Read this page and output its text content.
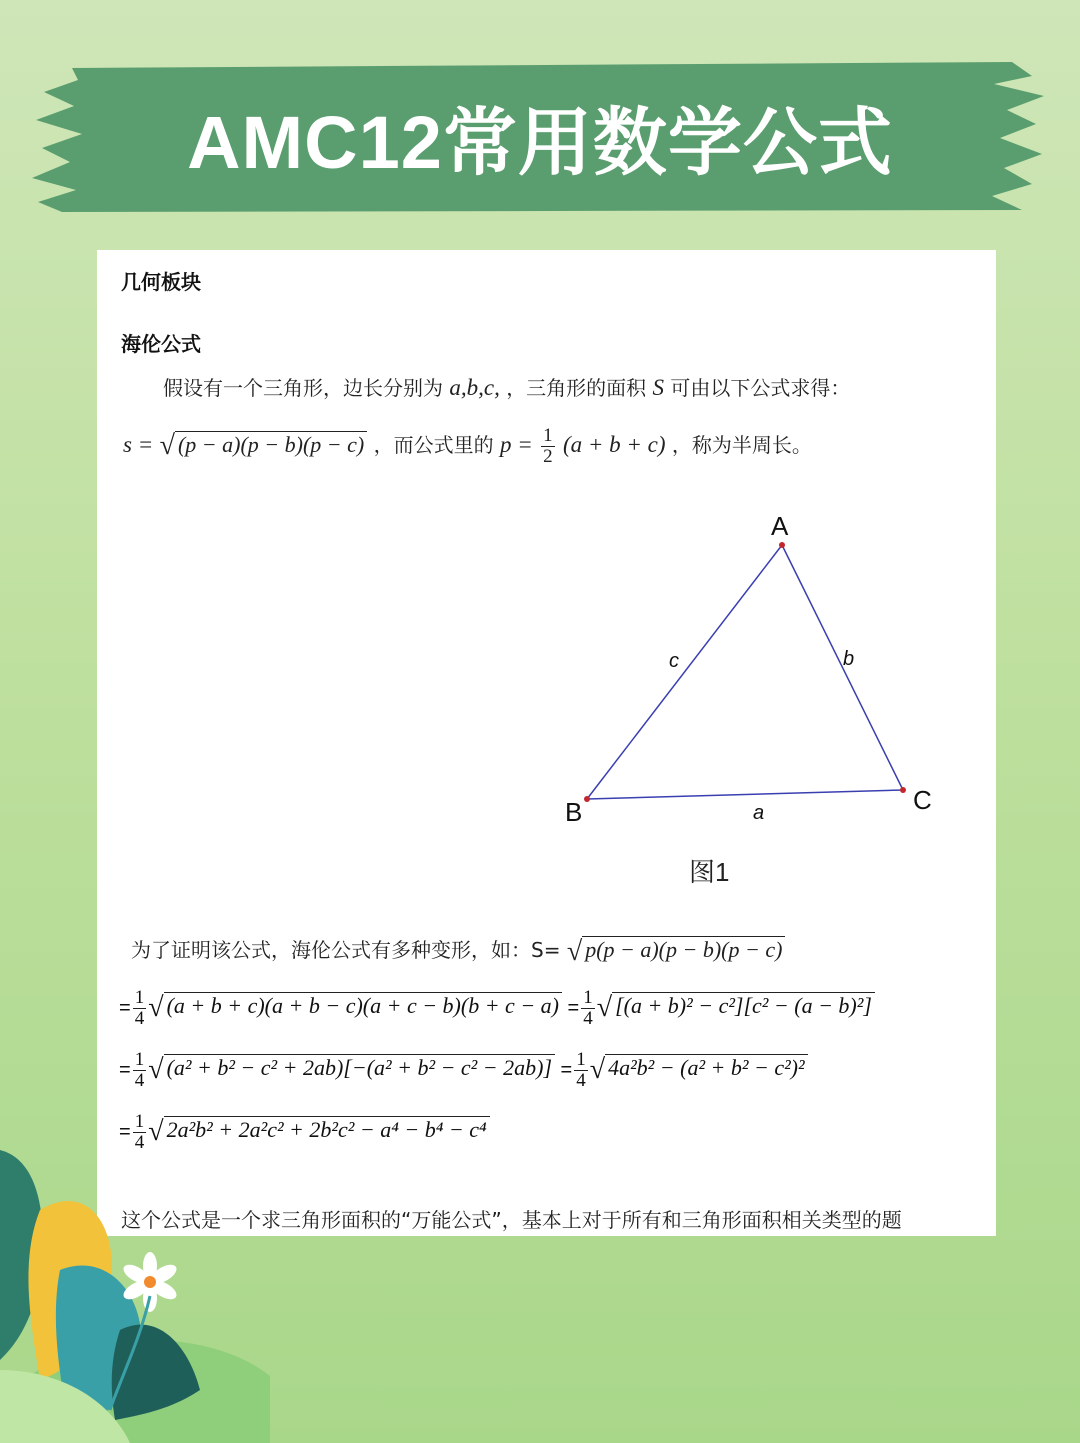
AMC12常用数学公式
几何板块
海伦公式
假设有一个三角形，边长分别为 a,b,c, ，三角形的面积 S 可由以下公式求得：
s = √ (p − a)(p − b)(p − c) ，而公式里的 $p = \frac{1}{2} (a + b + c)$ ，称为半周长。
A
B	C
c	b
a
图1
为了证明该公式，海伦公式有多种变形，如：S= √ p(p − a)(p − b)(p − c)
= $\frac{1}{4}$ √ $(a + b + c)(a + b - c)(a + c - b)(b + c - a) = \frac{1}{4}$ √ [(a + b)² − c²][c² − (a − b)²]
= $\frac{1}{4}$ √ $(a^2 + b^2 - c^2 + 2ab)[-(a^2 + b^2 - c^2 - 2ab)] = \frac{1}{4}$ √ 4a²b² − (a² + b² − c²)²
= $\frac{1}{4}$ √ 2a²b² + 2a²c² + 2b²c² − a⁴ − b⁴ − c⁴
这个公式是一个求三角形面积的“万能公式”，基本上对于所有和三角形面积相关类型的题
